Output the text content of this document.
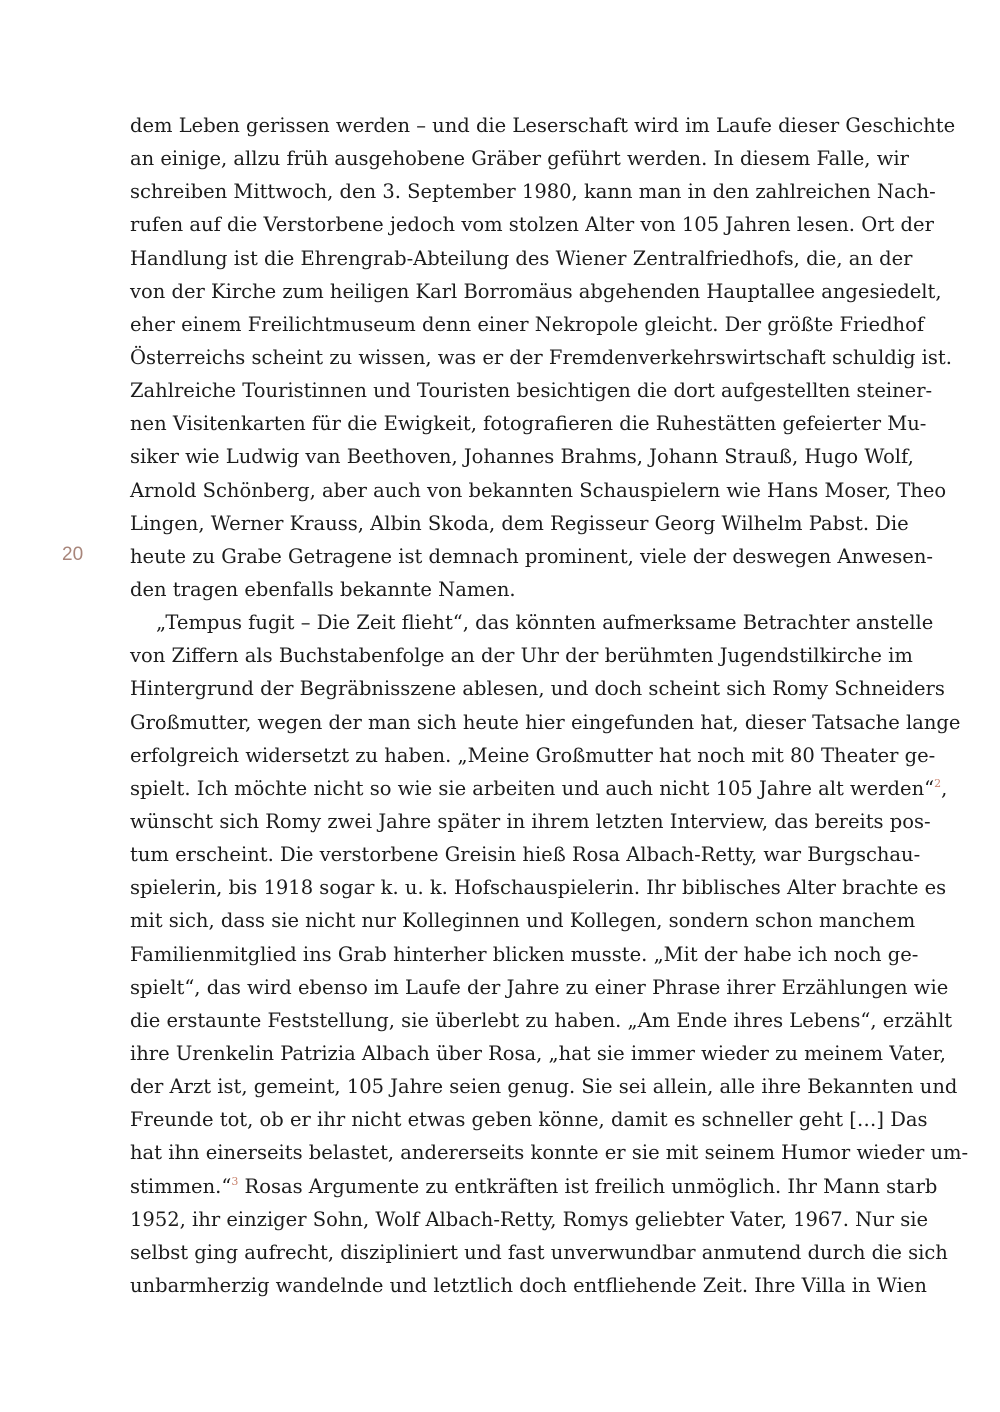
20
dem Leben gerissen werden – und die Leserschaft wird im Laufe dieser Geschichte
an einige, allzu früh ausgehobene Gräber geführt werden. In diesem Falle, wir
schreiben Mittwoch, den 3. September 1980, kann man in den zahlreichen Nach-
rufen auf die Verstorbene jedoch vom stolzen Alter von 105 Jahren lesen. Ort der
Handlung ist die Ehrengrab-Abteilung des Wiener Zentralfriedhofs, die, an der
von der Kirche zum heiligen Karl Borromäus abgehenden Hauptallee angesiedelt,
eher einem Freilichtmuseum denn einer Nekropole gleicht. Der größte Friedhof
Österreichs scheint zu wissen, was er der Fremdenverkehrswirtschaft schuldig ist.
Zahlreiche Touristinnen und Touristen besichtigen die dort aufgestellten steiner-
nen Visitenkarten für die Ewigkeit, fotografieren die Ruhestätten gefeierter Mu-
siker wie Ludwig van Beethoven, Johannes Brahms, Johann Strauß, Hugo Wolf,
Arnold Schönberg, aber auch von bekannten Schauspielern wie Hans Moser, Theo
Lingen, Werner Krauss, Albin Skoda, dem Regisseur Georg Wilhelm Pabst. Die
heute zu Grabe Getragene ist demnach prominent, viele der deswegen Anwesen-
den tragen ebenfalls bekannte Namen.
„Tempus fugit – Die Zeit flieht“, das könnten aufmerksame Betrachter anstelle
von Ziffern als Buchstabenfolge an der Uhr der berühmten Jugendstilkirche im
Hintergrund der Begräbnisszene ablesen, und doch scheint sich Romy Schneiders
Großmutter, wegen der man sich heute hier eingefunden hat, dieser Tatsache lange
erfolgreich widersetzt zu haben. „Meine Großmutter hat noch mit 80 Theater ge-
spielt. Ich möchte nicht so wie sie arbeiten und auch nicht 105 Jahre alt werden“$^2$,
wünscht sich Romy zwei Jahre später in ihrem letzten Interview, das bereits pos-
tum erscheint. Die verstorbene Greisin hieß Rosa Albach-Retty, war Burgschau-
spielerin, bis 1918 sogar k. u. k. Hofschauspielerin. Ihr biblisches Alter brachte es
mit sich, dass sie nicht nur Kolleginnen und Kollegen, sondern schon manchem
Familienmitglied ins Grab hinterher blicken musste. „Mit der habe ich noch ge-
spielt“, das wird ebenso im Laufe der Jahre zu einer Phrase ihrer Erzählungen wie
die erstaunte Feststellung, sie überlebt zu haben. „Am Ende ihres Lebens“, erzählt
ihre Urenkelin Patrizia Albach über Rosa, „hat sie immer wieder zu meinem Vater,
der Arzt ist, gemeint, 105 Jahre seien genug. Sie sei allein, alle ihre Bekannten und
Freunde tot, ob er ihr nicht etwas geben könne, damit es schneller geht […] Das
hat ihn einerseits belastet, andererseits konnte er sie mit seinem Humor wieder um-
stimmen.“$^3$ Rosas Argumente zu entkräften ist freilich unmöglich. Ihr Mann starb
1952, ihr einziger Sohn, Wolf Albach-Retty, Romys geliebter Vater, 1967. Nur sie
selbst ging aufrecht, diszipliniert und fast unverwundbar anmutend durch die sich
unbarmherzig wandelnde und letztlich doch entfliehende Zeit. Ihre Villa in Wien
